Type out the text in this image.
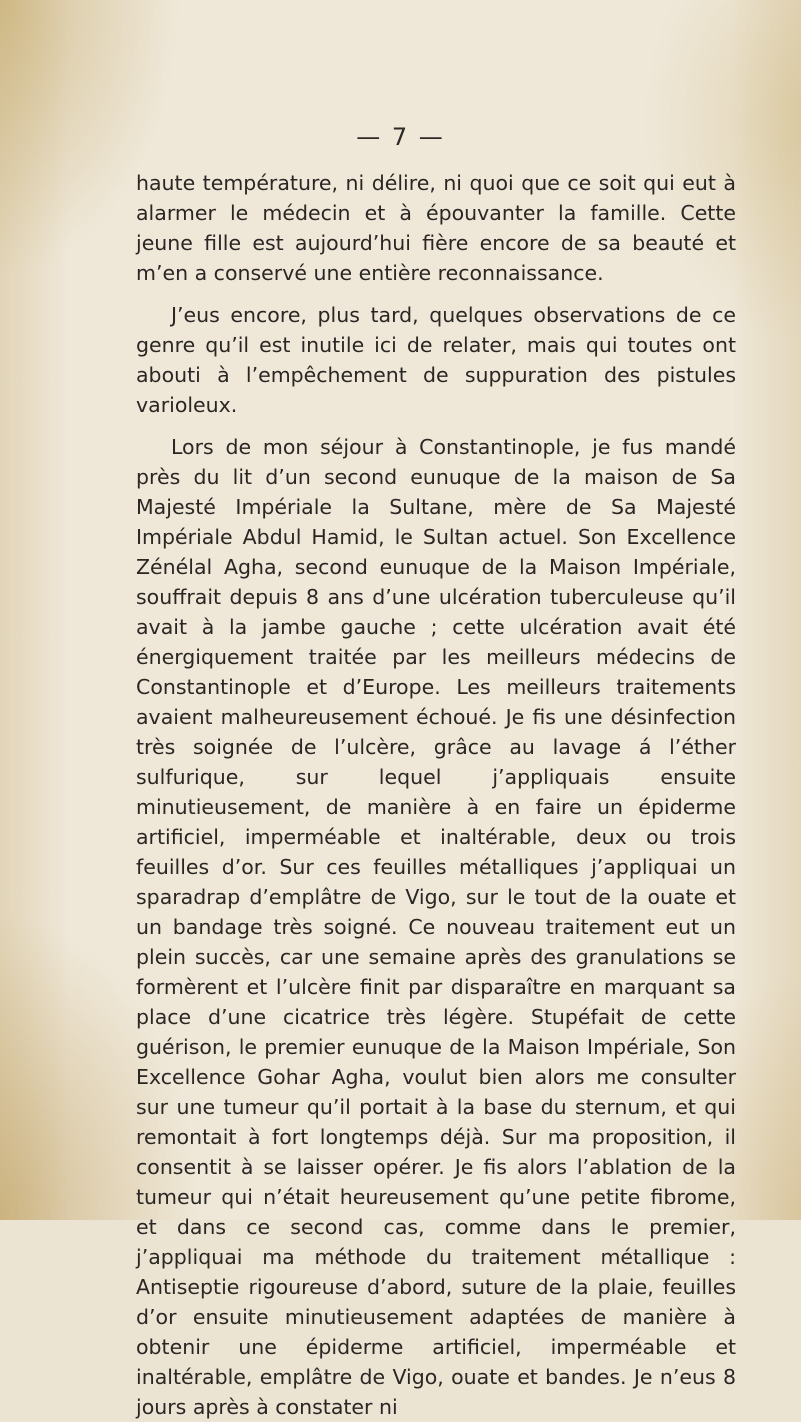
— 7 —

haute température, ni délire, ni quoi que ce soit qui eut à alarmer le médecin et à épouvanter la famille. Cette jeune fille est aujourd’hui fière encore de sa beauté et m’en a conservé une entière reconnaissance.

J’eus encore, plus tard, quelques observations de ce genre qu’il est inutile ici de relater, mais qui toutes ont abouti à l’empêchement de suppuration des pistules varioleux.

Lors de mon séjour à Constantinople, je fus mandé près du lit d’un second eunuque de la maison de Sa Majesté Impériale la Sultane, mère de Sa Majesté Impériale Abdul Hamid, le Sultan actuel. Son Excellence Zénélal Agha, second eunuque de la Maison Impériale, souffrait depuis 8 ans d’une ulcération tuberculeuse qu’il avait à la jambe gauche ; cette ulcération avait été énergiquement traitée par les meilleurs médecins de Constantinople et d’Europe. Les meilleurs traitements avaient malheureusement échoué. Je fis une désinfection très soignée de l’ulcère, grâce au lavage á l’éther sulfurique, sur lequel j’appliquais ensuite minutieusement, de manière à en faire un épiderme artificiel, imperméable et inaltérable, deux ou trois feuilles d’or. Sur ces feuilles métalliques j’appliquai un sparadrap d’emplâtre de Vigo, sur le tout de la ouate et un bandage très soigné. Ce nouveau traitement eut un plein succès, car une semaine après des granulations se formèrent et l’ulcère finit par disparaître en marquant sa place d’une cicatrice très légère. Stupéfait de cette guérison, le premier eunuque de la Maison Impériale, Son Excellence Gohar Agha, voulut bien alors me consulter sur une tumeur qu’il portait à la base du sternum, et qui remontait à fort longtemps déjà. Sur ma proposition, il consentit à se laisser opérer. Je fis alors l’ablation de la tumeur qui n’était heureusement qu’une petite fibrome, et dans ce second cas, comme dans le premier, j’appliquai ma méthode du traitement métallique : Antiseptie rigoureuse d’abord, suture de la plaie, feuilles d’or ensuite minutieusement adaptées de manière à obtenir une épiderme artificiel, imperméable et inaltérable, emplâtre de Vigo, ouate et bandes. Je n’eus 8 jours après à constater ni
